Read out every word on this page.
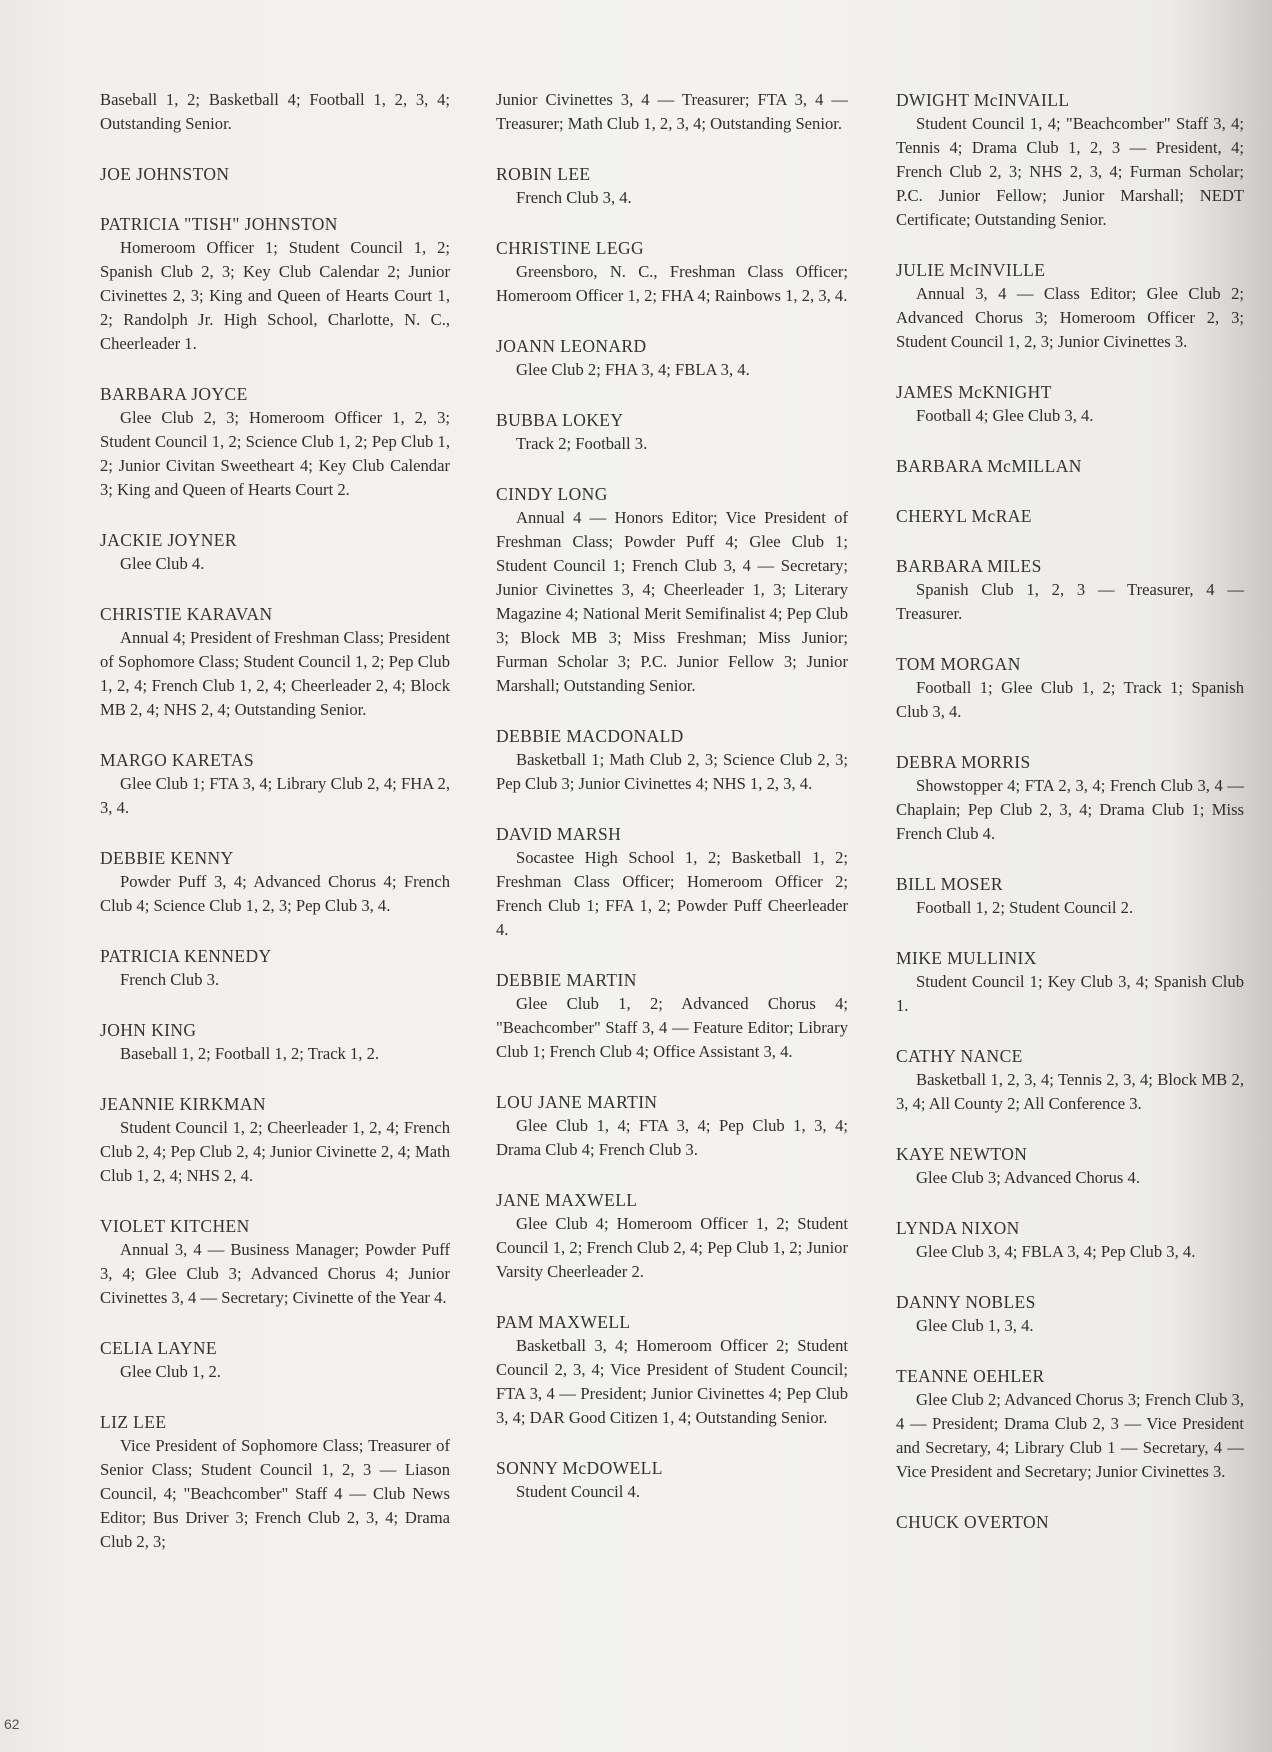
Baseball 1, 2; Basketball 4; Football 1, 2, 3, 4; Outstanding Senior.
JOE JOHNSTON
PATRICIA "TISH" JOHNSTON
Homeroom Officer 1; Student Council 1, 2; Spanish Club 2, 3; Key Club Calendar 2; Junior Civinettes 2, 3; King and Queen of Hearts Court 1, 2; Randolph Jr. High School, Charlotte, N. C., Cheerleader 1.
BARBARA JOYCE
Glee Club 2, 3; Homeroom Officer 1, 2, 3; Student Council 1, 2; Science Club 1, 2; Pep Club 1, 2; Junior Civitan Sweetheart 4; Key Club Calendar 3; King and Queen of Hearts Court 2.
JACKIE JOYNER
Glee Club 4.
CHRISTIE KARAVAN
Annual 4; President of Freshman Class; President of Sophomore Class; Student Council 1, 2; Pep Club 1, 2, 4; French Club 1, 2, 4; Cheerleader 2, 4; Block MB 2, 4; NHS 2, 4; Outstanding Senior.
MARGO KARETAS
Glee Club 1; FTA 3, 4; Library Club 2, 4; FHA 2, 3, 4.
DEBBIE KENNY
Powder Puff 3, 4; Advanced Chorus 4; French Club 4; Science Club 1, 2, 3; Pep Club 3, 4.
PATRICIA KENNEDY
French Club 3.
JOHN KING
Baseball 1, 2; Football 1, 2; Track 1, 2.
JEANNIE KIRKMAN
Student Council 1, 2; Cheerleader 1, 2, 4; French Club 2, 4; Pep Club 2, 4; Junior Civinette 2, 4; Math Club 1, 2, 4; NHS 2, 4.
VIOLET KITCHEN
Annual 3, 4 — Business Manager; Powder Puff 3, 4; Glee Club 3; Advanced Chorus 4; Junior Civinettes 3, 4 — Secretary; Civinette of the Year 4.
CELIA LAYNE
Glee Club 1, 2.
LIZ LEE
Vice President of Sophomore Class; Treasurer of Senior Class; Student Council 1, 2, 3 — Liason Council, 4; "Beachcomber" Staff 4 — Club News Editor; Bus Driver 3; French Club 2, 3, 4; Drama Club 2, 3;
Junior Civinettes 3, 4 — Treasurer; FTA 3, 4 — Treasurer; Math Club 1, 2, 3, 4; Outstanding Senior.
ROBIN LEE
French Club 3, 4.
CHRISTINE LEGG
Greensboro, N. C., Freshman Class Officer; Homeroom Officer 1, 2; FHA 4; Rainbows 1, 2, 3, 4.
JOANN LEONARD
Glee Club 2; FHA 3, 4; FBLA 3, 4.
BUBBA LOKEY
Track 2; Football 3.
CINDY LONG
Annual 4 — Honors Editor; Vice President of Freshman Class; Powder Puff 4; Glee Club 1; Student Council 1; French Club 3, 4 — Secretary; Junior Civinettes 3, 4; Cheerleader 1, 3; Literary Magazine 4; National Merit Semifinalist 4; Pep Club 3; Block MB 3; Miss Freshman; Miss Junior; Furman Scholar 3; P.C. Junior Fellow 3; Junior Marshall; Outstanding Senior.
DEBBIE MACDONALD
Basketball 1; Math Club 2, 3; Science Club 2, 3; Pep Club 3; Junior Civinettes 4; NHS 1, 2, 3, 4.
DAVID MARSH
Socastee High School 1, 2; Basketball 1, 2; Freshman Class Officer; Homeroom Officer 2; French Club 1; FFA 1, 2; Powder Puff Cheerleader 4.
DEBBIE MARTIN
Glee Club 1, 2; Advanced Chorus 4; "Beachcomber" Staff 3, 4 — Feature Editor; Library Club 1; French Club 4; Office Assistant 3, 4.
LOU JANE MARTIN
Glee Club 1, 4; FTA 3, 4; Pep Club 1, 3, 4; Drama Club 4; French Club 3.
JANE MAXWELL
Glee Club 4; Homeroom Officer 1, 2; Student Council 1, 2; French Club 2, 4; Pep Club 1, 2; Junior Varsity Cheerleader 2.
PAM MAXWELL
Basketball 3, 4; Homeroom Officer 2; Student Council 2, 3, 4; Vice President of Student Council; FTA 3, 4 — President; Junior Civinettes 4; Pep Club 3, 4; DAR Good Citizen 1, 4; Outstanding Senior.
SONNY McDOWELL
Student Council 4.
DWIGHT McINVAILL
Student Council 1, 4; "Beachcomber" Staff 3, 4; Tennis 4; Drama Club 1, 2, 3 — President, 4; French Club 2, 3; NHS 2, 3, 4; Furman Scholar; P.C. Junior Fellow; Junior Marshall; NEDT Certificate; Outstanding Senior.
JULIE McINVILLE
Annual 3, 4 — Class Editor; Glee Club 2; Advanced Chorus 3; Homeroom Officer 2, 3; Student Council 1, 2, 3; Junior Civinettes 3.
JAMES McKNIGHT
Football 4; Glee Club 3, 4.
BARBARA McMILLAN
CHERYL McRAE
BARBARA MILES
Spanish Club 1, 2, 3 — Treasurer, 4 — Treasurer.
TOM MORGAN
Football 1; Glee Club 1, 2; Track 1; Spanish Club 3, 4.
DEBRA MORRIS
Showstopper 4; FTA 2, 3, 4; French Club 3, 4 — Chaplain; Pep Club 2, 3, 4; Drama Club 1; Miss French Club 4.
BILL MOSER
Football 1, 2; Student Council 2.
MIKE MULLINIX
Student Council 1; Key Club 3, 4; Spanish Club 1.
CATHY NANCE
Basketball 1, 2, 3, 4; Tennis 2, 3, 4; Block MB 2, 3, 4; All County 2; All Conference 3.
KAYE NEWTON
Glee Club 3; Advanced Chorus 4.
LYNDA NIXON
Glee Club 3, 4; FBLA 3, 4; Pep Club 3, 4.
DANNY NOBLES
Glee Club 1, 3, 4.
TEANNE OEHLER
Glee Club 2; Advanced Chorus 3; French Club 3, 4 — President; Drama Club 2, 3 — Vice President and Secretary, 4; Library Club 1 — Secretary, 4 — Vice President and Secretary; Junior Civinettes 3.
CHUCK OVERTON
62
